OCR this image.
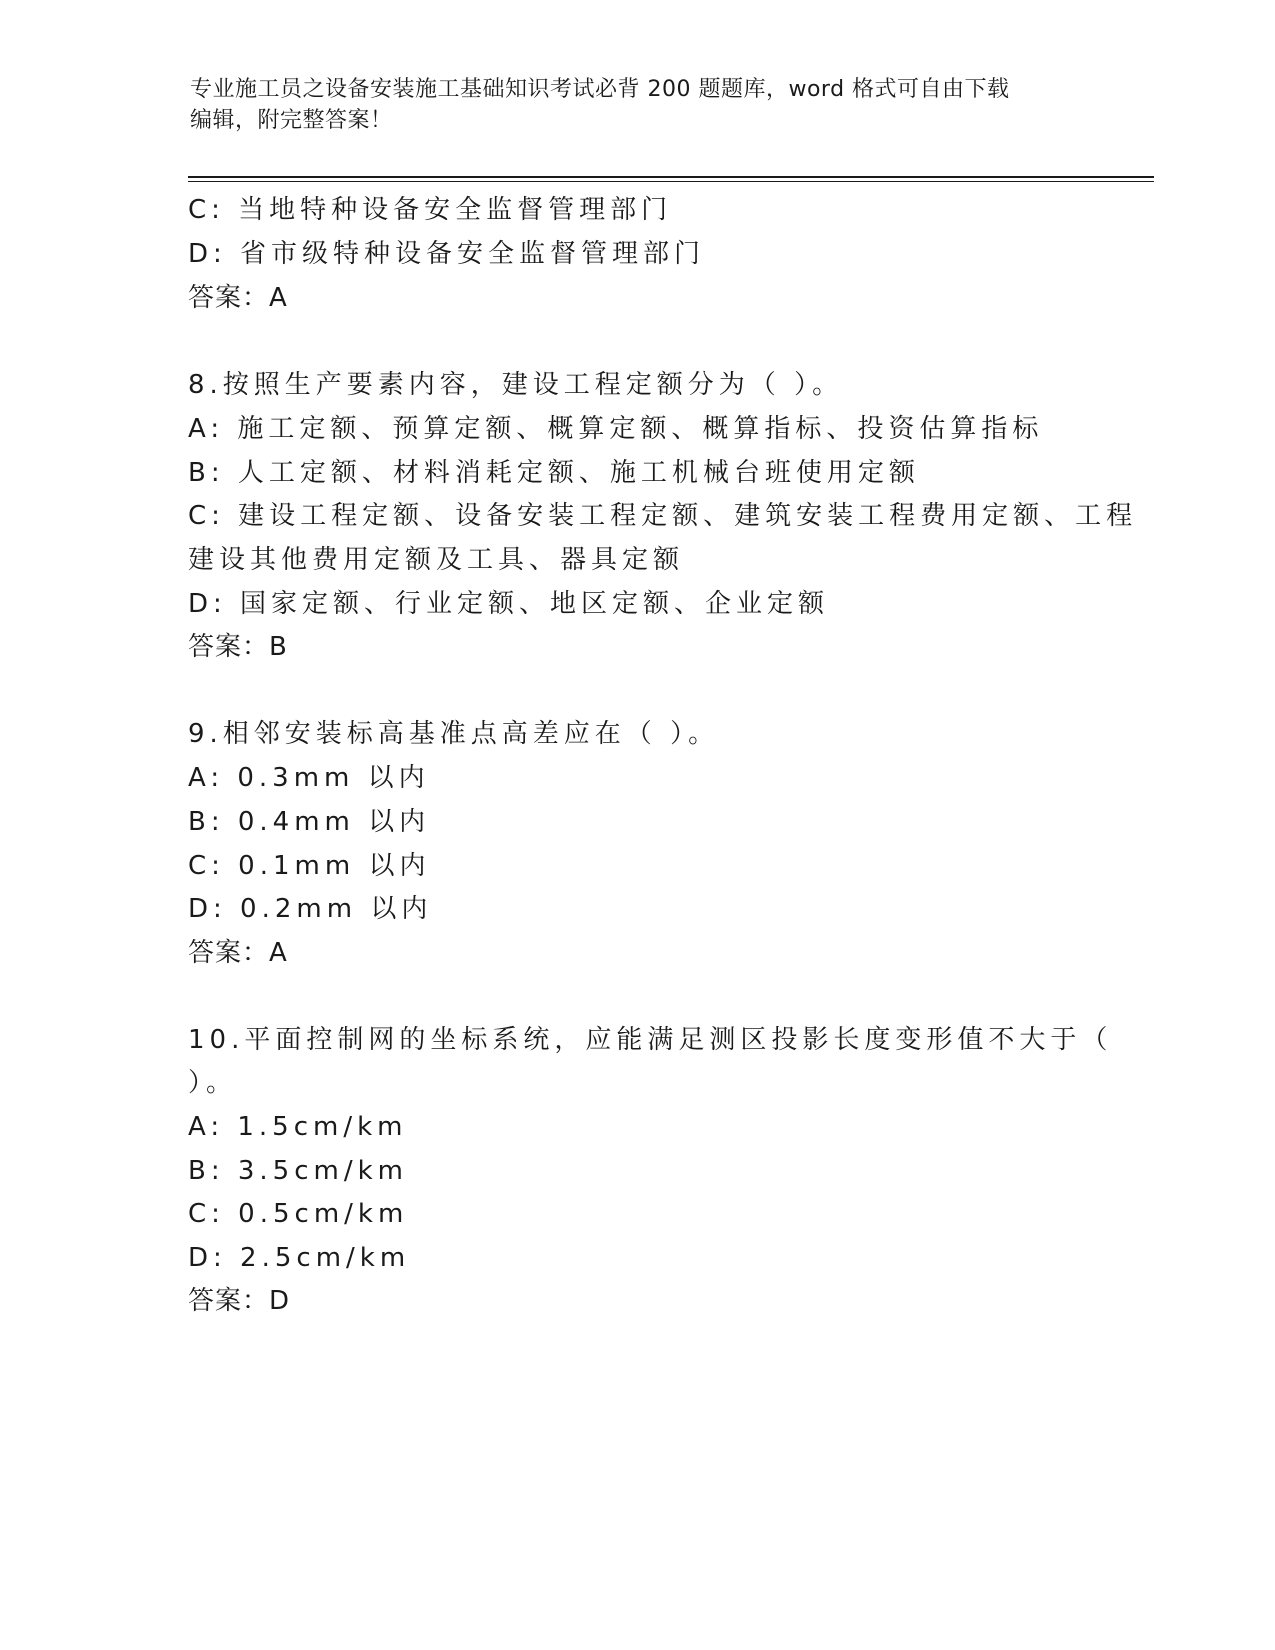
专业施工员之设备安装施工基础知识考试必背 200 题题库，word 格式可自由下载
编辑，附完整答案！
C: 当地特种设备安全监督管理部门
D: 省市级特种设备安全监督管理部门
答案：A
8.按照生产要素内容，建设工程定额分为（ ）。
A: 施工定额、预算定额、概算定额、概算指标、投资估算指标
B: 人工定额、材料消耗定额、施工机械台班使用定额
C: 建设工程定额、设备安装工程定额、建筑安装工程费用定额、工程
建设其他费用定额及工具、器具定额
D: 国家定额、行业定额、地区定额、企业定额
答案：B
9.相邻安装标高基准点高差应在（ ）。
A: 0.3mm 以内
B: 0.4mm 以内
C: 0.1mm 以内
D: 0.2mm 以内
答案：A
10.平面控制网的坐标系统，应能满足测区投影长度变形值不大于（
）。
A: 1.5cm/km
B: 3.5cm/km
C: 0.5cm/km
D: 2.5cm/km
答案：D
